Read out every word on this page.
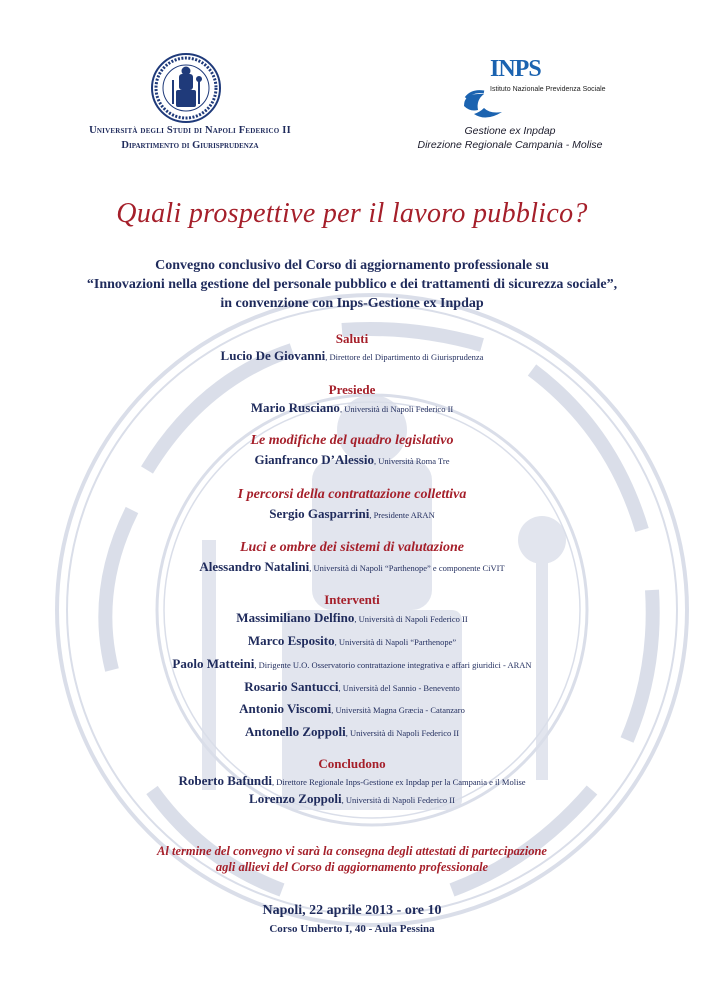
Università degli Studi di Napoli Federico II
Dipartimento di Giurisprudenza
INPS
Istituto Nazionale Previdenza Sociale
Gestione ex Inpdap
Direzione Regionale Campania - Molise
Quali prospettive per il lavoro pubblico?
Convegno conclusivo del Corso di aggiornamento professionale su
“Innovazioni nella gestione del personale pubblico e dei trattamenti di sicurezza sociale”,
in convenzione con Inps-Gestione ex Inpdap
Saluti
Lucio De Giovanni, Direttore del Dipartimento di Giurisprudenza
Presiede
Mario Rusciano, Università di Napoli Federico II
Le modifiche del quadro legislativo
Gianfranco D’Alessio, Università Roma Tre
I percorsi della contrattazione collettiva
Sergio Gasparrini, Presidente ARAN
Luci e ombre dei sistemi di valutazione
Alessandro Natalini, Università di Napoli “Parthenope” e componente CiVIT
Interventi
Massimiliano Delfino, Università di Napoli Federico II
Marco Esposito, Università di Napoli “Parthenope”
Paolo Matteini, Dirigente U.O. Osservatorio contrattazione integrativa e affari giuridici - ARAN
Rosario Santucci, Università del Sannio - Benevento
Antonio Viscomi, Università Magna Græcia - Catanzaro
Antonello Zoppoli, Università di Napoli Federico II
Concludono
Roberto Bafundi, Direttore Regionale Inps-Gestione ex Inpdap per la Campania e il Molise
Lorenzo Zoppoli, Università di Napoli Federico II
Al termine del convegno vi sarà la consegna degli attestati di partecipazione
agli allievi del Corso di aggiornamento professionale
Napoli, 22 aprile 2013 - ore 10
Corso Umberto I, 40 - Aula Pessina
